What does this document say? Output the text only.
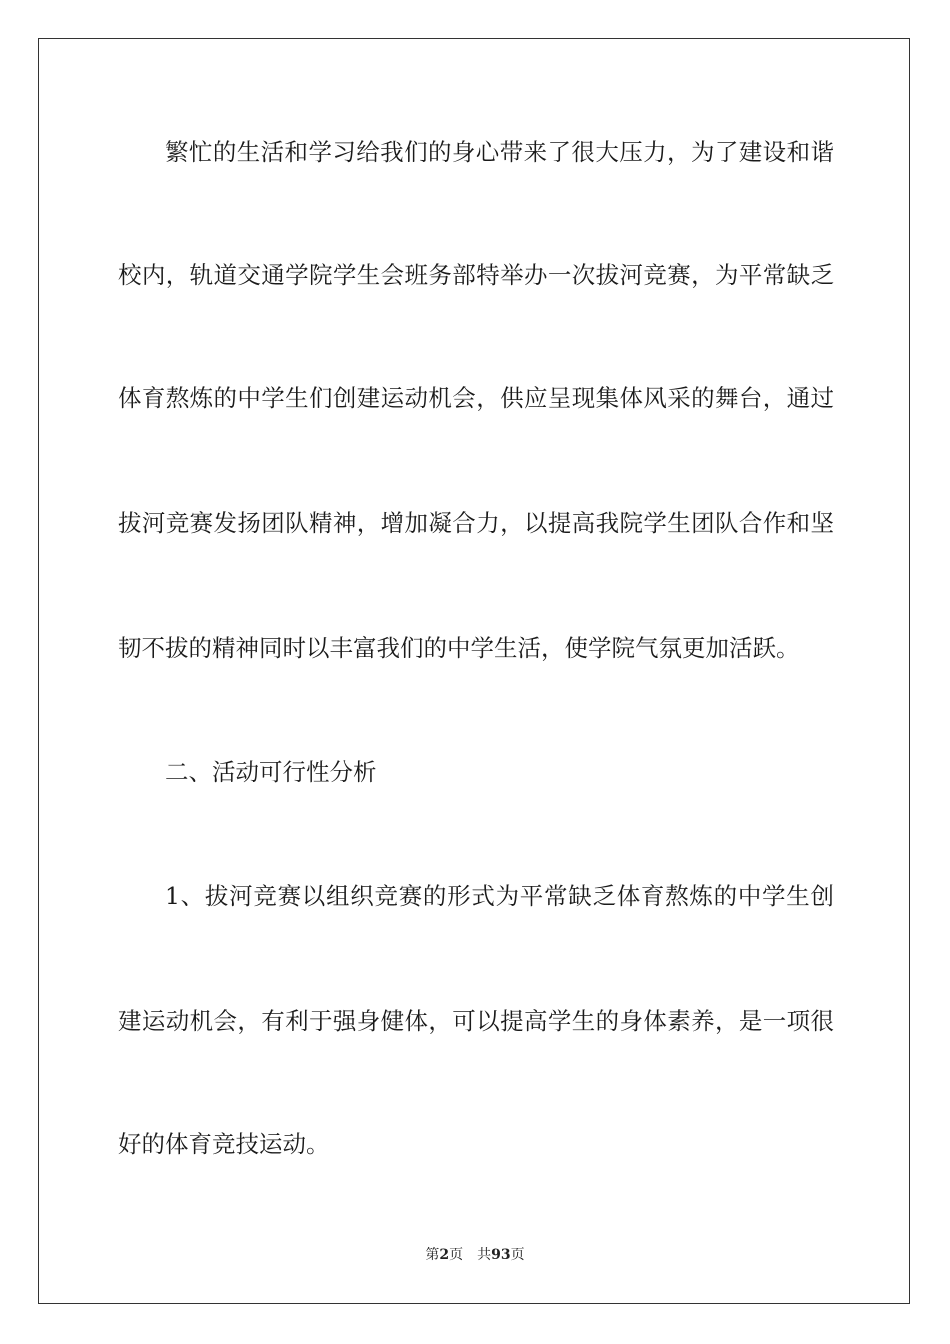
繁忙的生活和学习给我们的身心带来了很大压力，为了建设和谐
校内，轨道交通学院学生会班务部特举办一次拔河竞赛，为平常缺乏
体育熬炼的中学生们创建运动机会，供应呈现集体风采的舞台，通过
拔河竞赛发扬团队精神，增加凝合力，以提高我院学生团队合作和坚
韧不拔的精神同时以丰富我们的中学生活，使学院气氛更加活跃。
二、活动可行性分析
1、拔河竞赛以组织竞赛的形式为平常缺乏体育熬炼的中学生创
建运动机会，有利于强身健体，可以提高学生的身体素养，是一项很
好的体育竞技运动。
第2页 共93页
